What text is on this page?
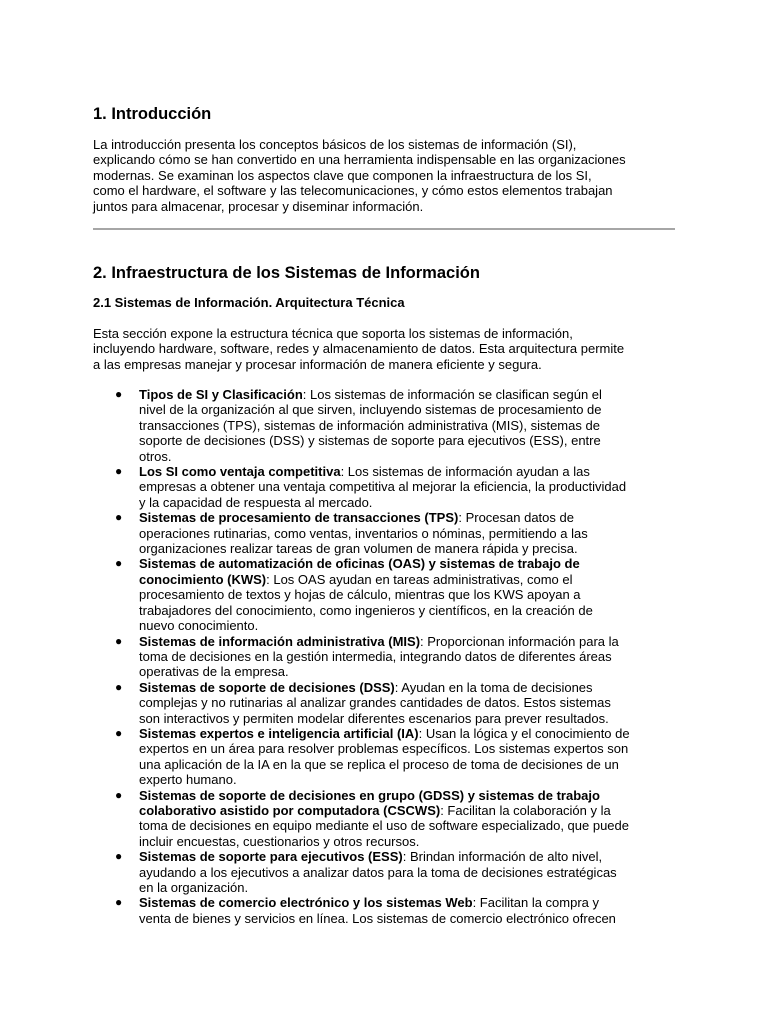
1. Introducción
La introducción presenta los conceptos básicos de los sistemas de información (SI),
explicando cómo se han convertido en una herramienta indispensable en las organizaciones
modernas. Se examinan los aspectos clave que componen la infraestructura de los SI,
como el hardware, el software y las telecomunicaciones, y cómo estos elementos trabajan
juntos para almacenar, procesar y diseminar información.
2. Infraestructura de los Sistemas de Información
2.1 Sistemas de Información. Arquitectura Técnica
Esta sección expone la estructura técnica que soporta los sistemas de información,
incluyendo hardware, software, redes y almacenamiento de datos. Esta arquitectura permite
a las empresas manejar y procesar información de manera eficiente y segura.
● Tipos de SI y Clasificación: Los sistemas de información se clasifican según el
nivel de la organización al que sirven, incluyendo sistemas de procesamiento de
transacciones (TPS), sistemas de información administrativa (MIS), sistemas de
soporte de decisiones (DSS) y sistemas de soporte para ejecutivos (ESS), entre
otros.
● Los SI como ventaja competitiva: Los sistemas de información ayudan a las
empresas a obtener una ventaja competitiva al mejorar la eficiencia, la productividad
y la capacidad de respuesta al mercado.
● Sistemas de procesamiento de transacciones (TPS): Procesan datos de
operaciones rutinarias, como ventas, inventarios o nóminas, permitiendo a las
organizaciones realizar tareas de gran volumen de manera rápida y precisa.
● Sistemas de automatización de oficinas (OAS) y sistemas de trabajo de
conocimiento (KWS): Los OAS ayudan en tareas administrativas, como el
procesamiento de textos y hojas de cálculo, mientras que los KWS apoyan a
trabajadores del conocimiento, como ingenieros y científicos, en la creación de
nuevo conocimiento.
● Sistemas de información administrativa (MIS): Proporcionan información para la
toma de decisiones en la gestión intermedia, integrando datos de diferentes áreas
operativas de la empresa.
● Sistemas de soporte de decisiones (DSS): Ayudan en la toma de decisiones
complejas y no rutinarias al analizar grandes cantidades de datos. Estos sistemas
son interactivos y permiten modelar diferentes escenarios para prever resultados.
● Sistemas expertos e inteligencia artificial (IA): Usan la lógica y el conocimiento de
expertos en un área para resolver problemas específicos. Los sistemas expertos son
una aplicación de la IA en la que se replica el proceso de toma de decisiones de un
experto humano.
● Sistemas de soporte de decisiones en grupo (GDSS) y sistemas de trabajo
colaborativo asistido por computadora (CSCWS): Facilitan la colaboración y la
toma de decisiones en equipo mediante el uso de software especializado, que puede
incluir encuestas, cuestionarios y otros recursos.
● Sistemas de soporte para ejecutivos (ESS): Brindan información de alto nivel,
ayudando a los ejecutivos a analizar datos para la toma de decisiones estratégicas
en la organización.
● Sistemas de comercio electrónico y los sistemas Web: Facilitan la compra y
venta de bienes y servicios en línea. Los sistemas de comercio electrónico ofrecen
